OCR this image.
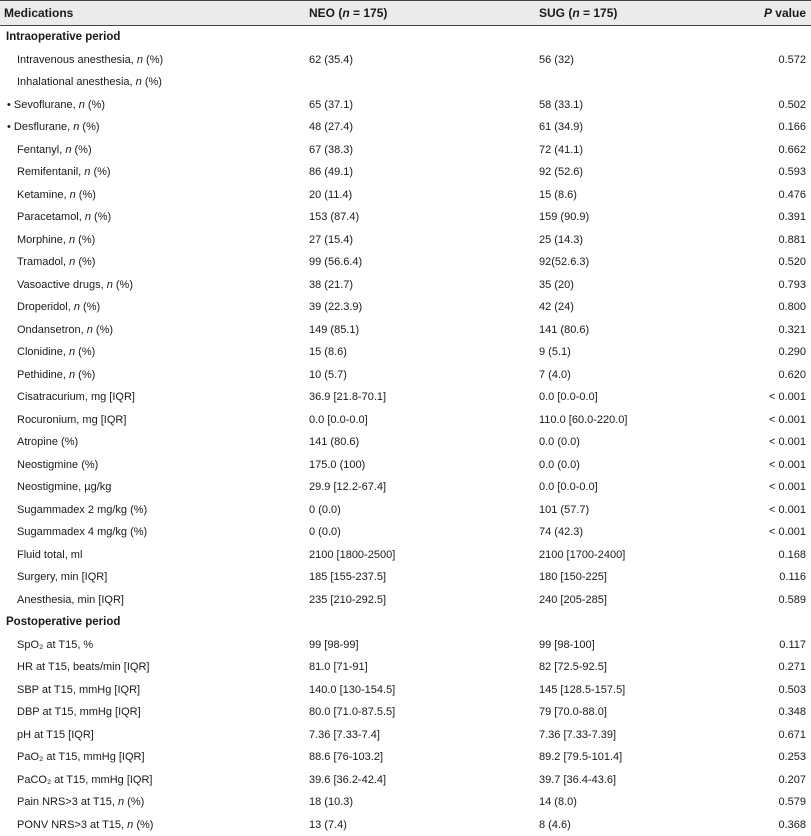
Medications	NEO (n = 175)	SUG (n = 175)	P value
Intraoperative period
Intravenous anesthesia, n (%)	62 (35.4)	56 (32)	0.572
Inhalational anesthesia, n (%)
• Sevoflurane, n (%)	65 (37.1)	58 (33.1)	0.502
• Desflurane, n (%)	48 (27.4)	61 (34.9)	0.166
Fentanyl, n (%)	67 (38.3)	72 (41.1)	0.662
Remifentanil, n (%)	86 (49.1)	92 (52.6)	0.593
Ketamine, n (%)	20 (11.4)	15 (8.6)	0.476
Paracetamol, n (%)	153 (87.4)	159 (90.9)	0.391
Morphine, n (%)	27 (15.4)	25 (14.3)	0.881
Tramadol, n (%)	99 (56.6.4)	92(52.6.3)	0.520
Vasoactive drugs, n (%)	38 (21.7)	35 (20)	0.793
Droperidol, n (%)	39 (22.3.9)	42 (24)	0.800
Ondansetron, n (%)	149 (85.1)	141 (80.6)	0.321
Clonidine, n (%)	15 (8.6)	9 (5.1)	0.290
Pethidine, n (%)	10 (5.7)	7 (4.0)	0.620
Cisatracurium, mg [IQR]	36.9 [21.8-70.1]	0.0 [0.0-0.0]	< 0.001
Rocuronium, mg [IQR]	0.0 [0.0-0.0]	110.0 [60.0-220.0]	< 0.001
Atropine (%)	141 (80.6)	0.0 (0.0)	< 0.001
Neostigmine (%)	175.0 (100)	0.0 (0.0)	< 0.001
Neostigmine, µg/kg	29.9 [12.2-67.4]	0.0 [0.0-0.0]	< 0.001
Sugammadex 2 mg/kg (%)	0 (0.0)	101 (57.7)	< 0.001
Sugammadex 4 mg/kg (%)	0 (0.0)	74 (42.3)	< 0.001
Fluid total, ml	2100 [1800-2500]	2100 [1700-2400]	0.168
Surgery, min [IQR]	185 [155-237.5]	180 [150-225]	0.116
Anesthesia, min [IQR]	235 [210-292.5]	240 [205-285]	0.589
Postoperative period
SpO₂ at T15, %	99 [98-99]	99 [98-100]	0.117
HR at T15, beats/min [IQR]	81.0 [71-91]	82 [72.5-92.5]	0.271
SBP at T15, mmHg [IQR]	140.0 [130-154.5]	145 [128.5-157.5]	0.503
DBP at T15, mmHg [IQR]	80.0 [71.0-87.5.5]	79 [70.0-88.0]	0.348
pH at T15 [IQR]	7.36 [7.33-7.4]	7.36 [7.33-7.39]	0.671
PaO₂ at T15, mmHg [IQR]	88.6 [76-103.2]	89.2 [79.5-101.4]	0.253
PaCO₂ at T15, mmHg [IQR]	39.6 [36.2-42.4]	39.7 [36.4-43.6]	0.207
Pain NRS>3 at T15, n (%)	18 (10.3)	14 (8.0)	0.579
PONV NRS>3 at T15, n (%)	13 (7.4)	8 (4.6)	0.368
